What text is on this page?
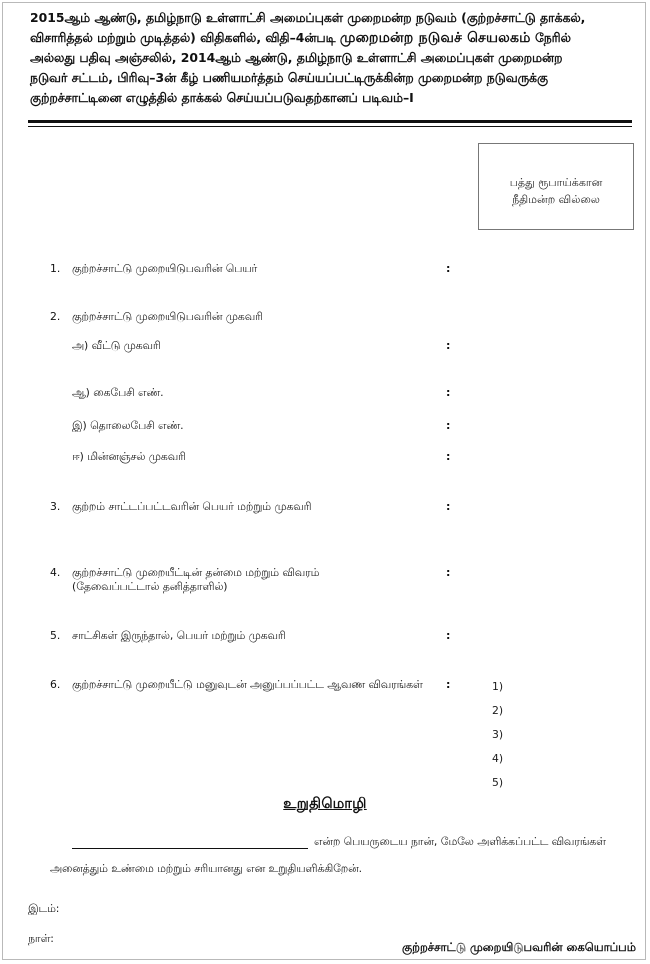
2015ஆம் ஆண்டு, தமிழ்நாடு உள்ளாட்சி அமைப்புகள் முறைமன்ற நடுவம் (குற்றச்சாட்டு தாக்கல்,
விசாரித்தல் மற்றும் முடித்தல்) விதிகளில், விதி–4ன்படி முறைமன்ற நடுவச் செயலகம் நேரில்
அல்லது பதிவு அஞ்சலில், 2014ஆம் ஆண்டு, தமிழ்நாடு உள்ளாட்சி அமைப்புகள் முறைமன்ற
நடுவர் சட்டம், பிரிவு–3ன் கீழ் பணியமர்த்தம் செய்யப்பட்டிருக்கின்ற முறைமன்ற நடுவருக்கு
குற்றச்சாட்டினை எழுத்தில் தாக்கல் செய்யப்படுவதற்கானப் படிவம்–I
பத்து ரூபாய்க்கான
நீதிமன்ற வில்லை
1. குற்றச்சாட்டு முறையிடுபவரின் பெயர்	:
2. குற்றச்சாட்டு முறையிடுபவரின் முகவரி
அ) வீட்டு முகவரி	:
ஆ) கைபேசி எண்.	:
இ) தொலைபேசி எண்.	:
ஈ) மின்னஞ்சல் முகவரி	:
3. குற்றம் சாட்டப்பட்டவரின் பெயர் மற்றும் முகவரி	:
4. குற்றச்சாட்டு முறையீட்டின் தன்மை மற்றும் விவரம்
(தேவைப்பட்டால் தனித்தாளில்)
:
5. சாட்சிகள் இருந்தால், பெயர் மற்றும் முகவரி	:
6. குற்றச்சாட்டு முறையீட்டு மனுவுடன் அனுப்பப்பட்ட ஆவண விவரங்கள் :	1)
2)
3)
4)
5)
உறுதிமொழி
என்ற பெயருடைய நான், மேலே அளிக்கப்பட்ட விவரங்கள்
அனைத்தும் உண்மை மற்றும் சரியானது என உறுதியளிக்கிறேன்.
இடம்:
நாள்:
குற்றச்சாட்டு முறையிடுபவரின் கையொப்பம்
